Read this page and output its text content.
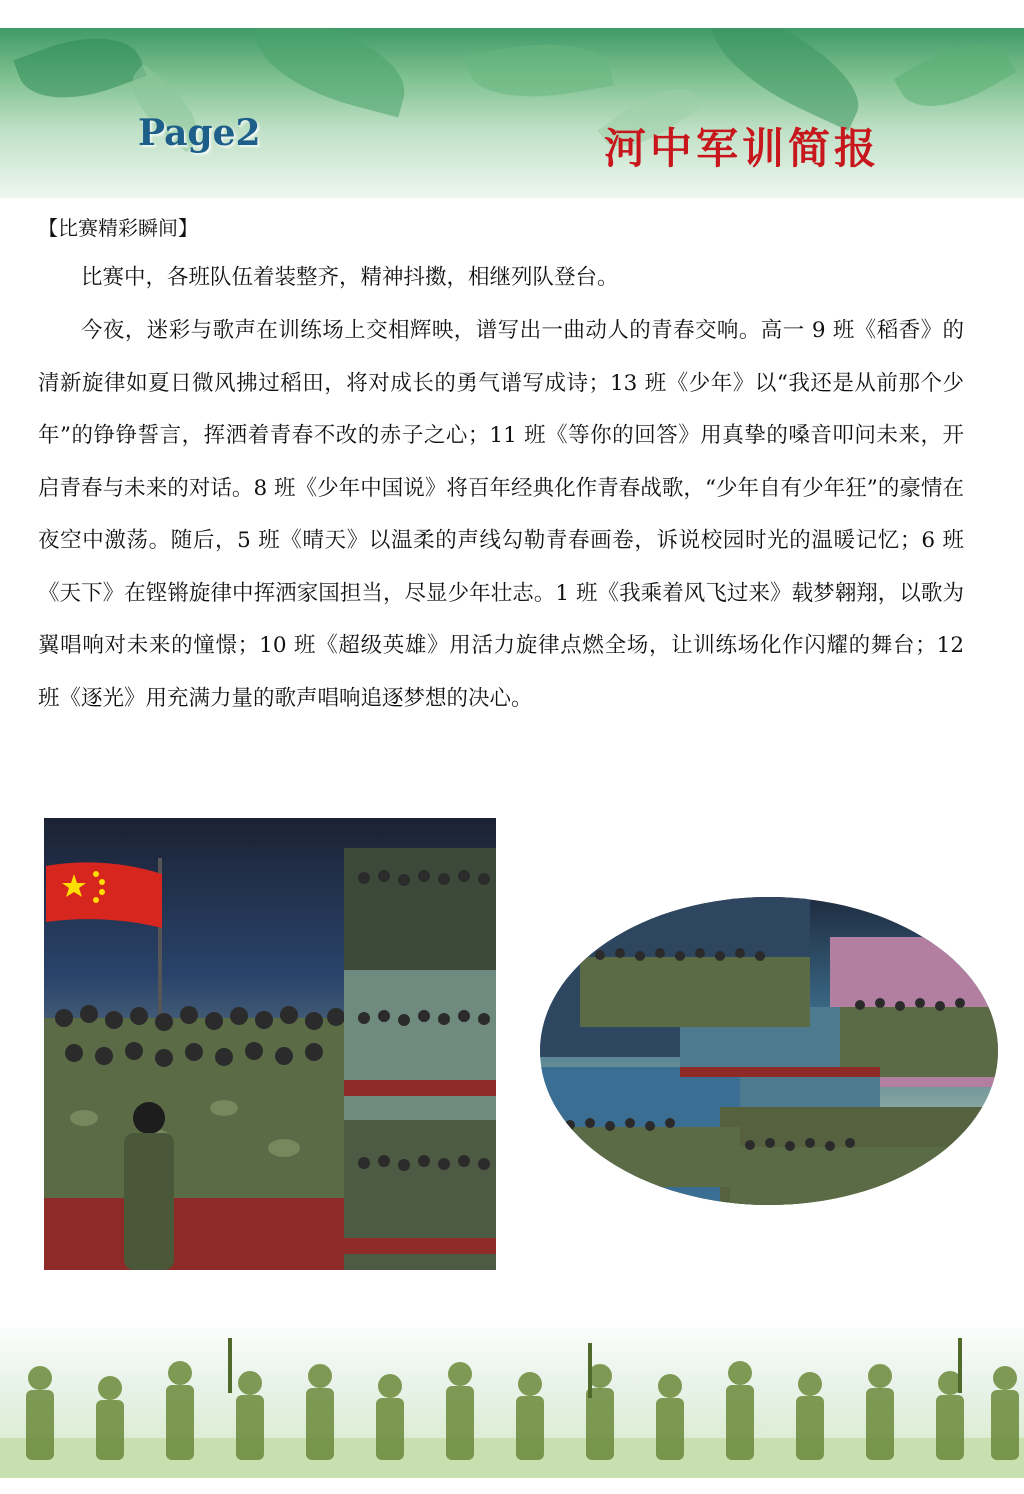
Page2	河中军训简报
【比赛精彩瞬间】

比赛中，各班队伍着装整齐，精神抖擞，相继列队登台。

今夜，迷彩与歌声在训练场上交相辉映，谱写出一曲动人的青春交响。高一 9 班《稻香》的清新旋律如夏日微风拂过稻田，将对成长的勇气谱写成诗；13 班《少年》以“我还是从前那个少年”的铮铮誓言，挥洒着青春不改的赤子之心；11 班《等你的回答》用真挚的嗓音叩问未来，开启青春与未来的对话。8 班《少年中国说》将百年经典化作青春战歌，“少年自有少年狂”的豪情在夜空中激荡。随后，5 班《晴天》以温柔的声线勾勒青春画卷，诉说校园时光的温暖记忆；6 班《天下》在铿锵旋律中挥洒家国担当，尽显少年壮志。1 班《我乘着风飞过来》载梦翱翔，以歌为翼唱响对未来的憧憬；10 班《超级英雄》用活力旋律点燃全场，让训练场化作闪耀的舞台；12 班《逐光》用充满力量的歌声唱响追逐梦想的决心。
